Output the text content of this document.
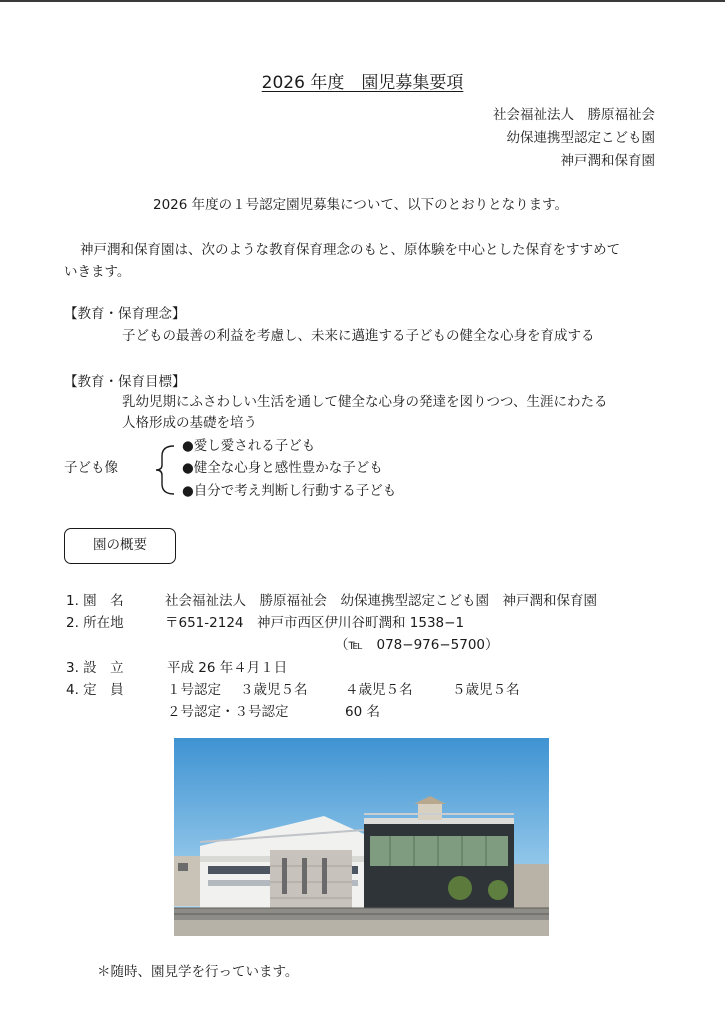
2026 年度　園児募集要項
社会福祉法人　勝原福祉会
幼保連携型認定こども園
神戸潤和保育園
2026 年度の１号認定園児募集について、以下のとおりとなります。
神戸潤和保育園は、次のような教育保育理念のもと、原体験を中心とした保育をすすめて
いきます。
【教育・保育理念】
子どもの最善の利益を考慮し、未来に邁進する子どもの健全な心身を育成する
【教育・保育目標】
乳幼児期にふさわしい生活を通して健全な心身の発達を図りつつ、生涯にわたる
人格形成の基礎を培う
子ども像
●愛し愛される子ども
●健全な心身と感性豊かな子ども
●自分で考え判断し行動する子ども
園の概要
1. 園　名	社会福祉法人　勝原福祉会　幼保連携型認定こども園　神戸潤和保育園
2. 所在地	〒651-2124　神戸市西区伊川谷町潤和 1538−1
（℡　078−976−5700）
3. 設　立	平成 26 年４月１日
4. 定　員	１号認定 ３歳児５名	４歳児５名	５歳児５名
２号認定・３号認定	60 名
＊随時、園見学を行っています。
